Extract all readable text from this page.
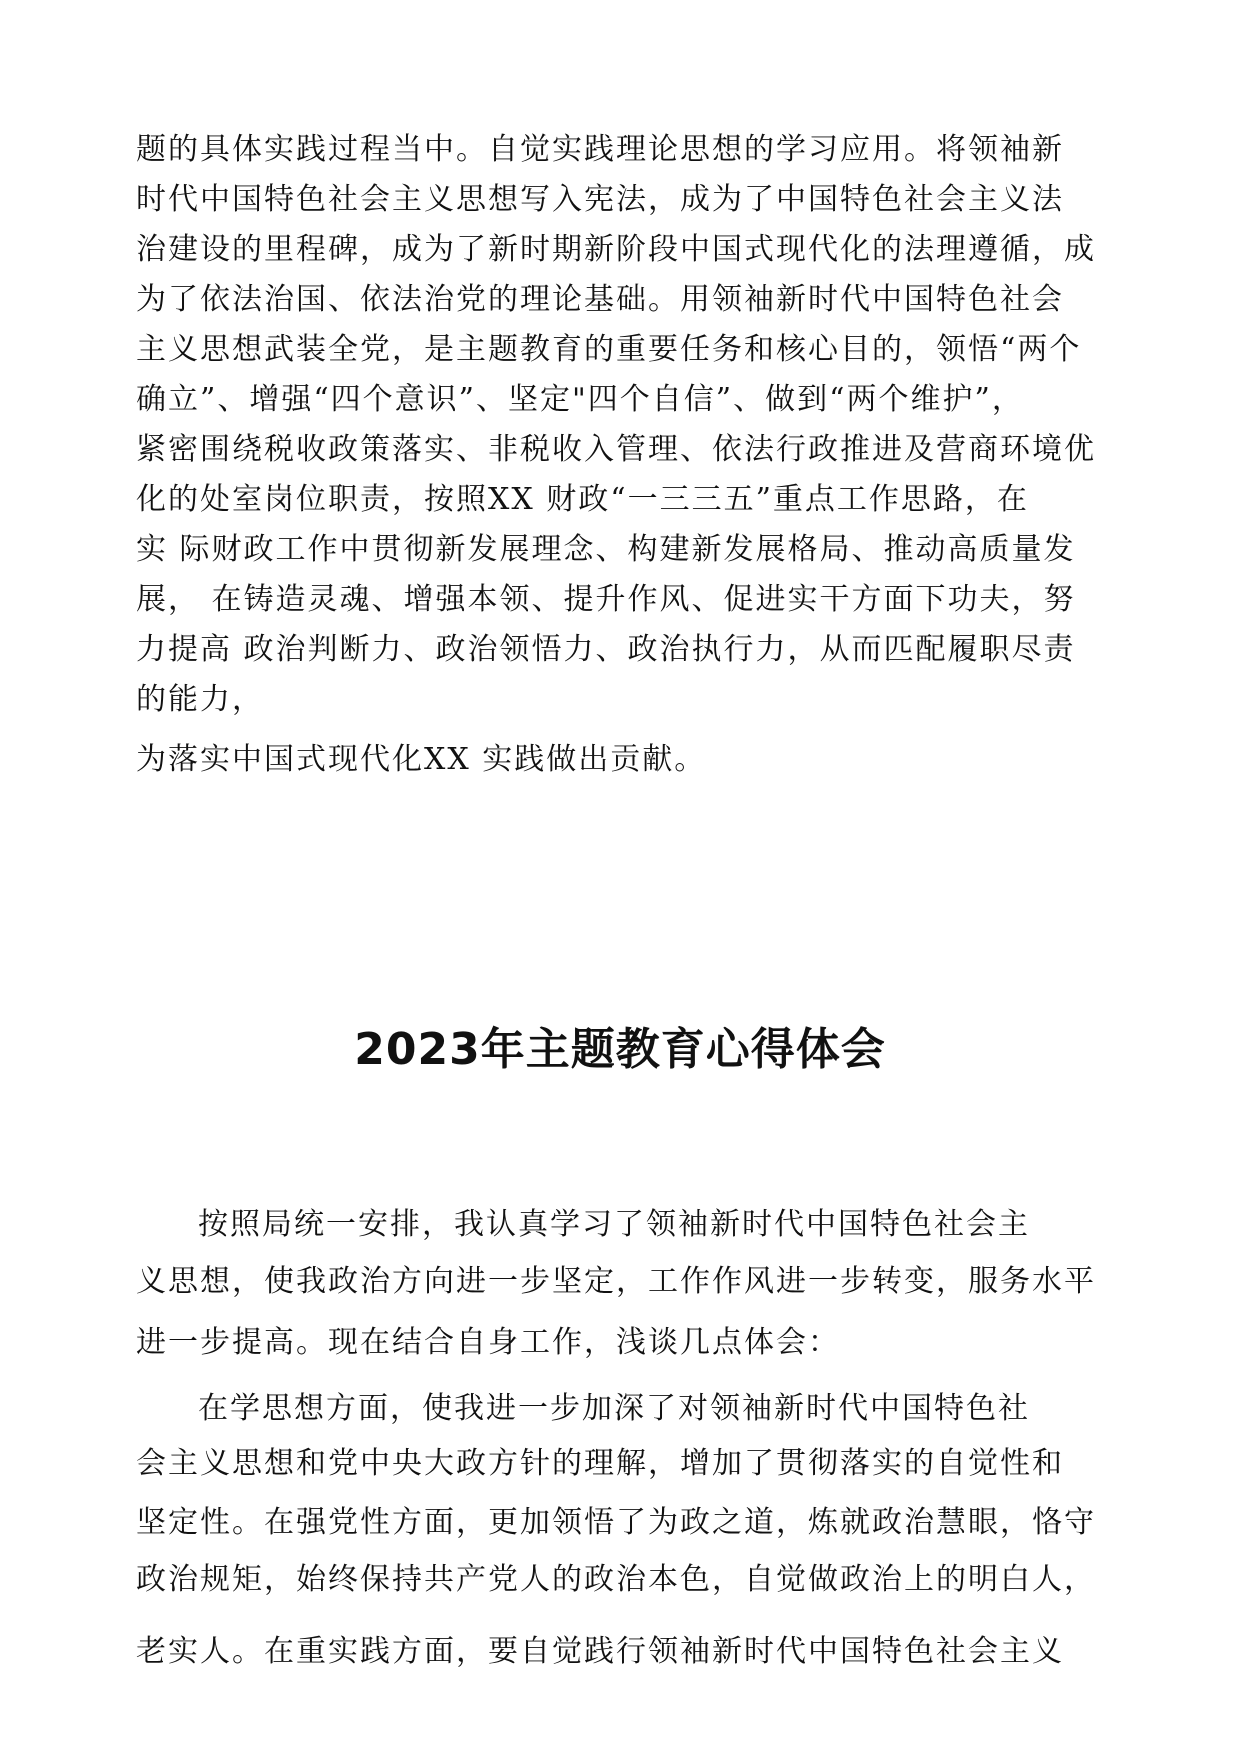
题的具体实践过程当中。自觉实践理论思想的学习应用。将领袖新
时代中国特色社会主义思想写入宪法，成为了中国特色社会主义法
治建设的里程碑，成为了新时期新阶段中国式现代化的法理遵循，成
为了依法治国、依法治党的理论基础。用领袖新时代中国特色社会
主义思想武装全党，是主题教育的重要任务和核心目的，领悟“两个
确立”、增强“四个意识”、坚定"四个自信”、做到“两个维护”，
紧密围绕税收政策落实、非税收入管理、依法行政推进及营商环境优
化的处室岗位职责，按照XX 财政“一三三五”重点工作思路，在
实 际财政工作中贯彻新发展理念、构建新发展格局、推动高质量发
展， 在铸造灵魂、增强本领、提升作风、促进实干方面下功夫，努
力提高 政治判断力、政治领悟力、政治执行力，从而匹配履职尽责
的能力，
为落实中国式现代化XX 实践做出贡献。
2023年主题教育心得体会
按照局统一安排，我认真学习了领袖新时代中国特色社会主
义思想，使我政治方向进一步坚定，工作作风进一步转变，服务水平
进一步提高。现在结合自身工作，浅谈几点体会：
在学思想方面，使我进一步加深了对领袖新时代中国特色社
会主义思想和党中央大政方针的理解，增加了贯彻落实的自觉性和
坚定性。在强党性方面，更加领悟了为政之道，炼就政治慧眼，恪守
政治规矩，始终保持共产党人的政治本色，自觉做政治上的明白人，
老实人。在重实践方面，要自觉践行领袖新时代中国特色社会主义
